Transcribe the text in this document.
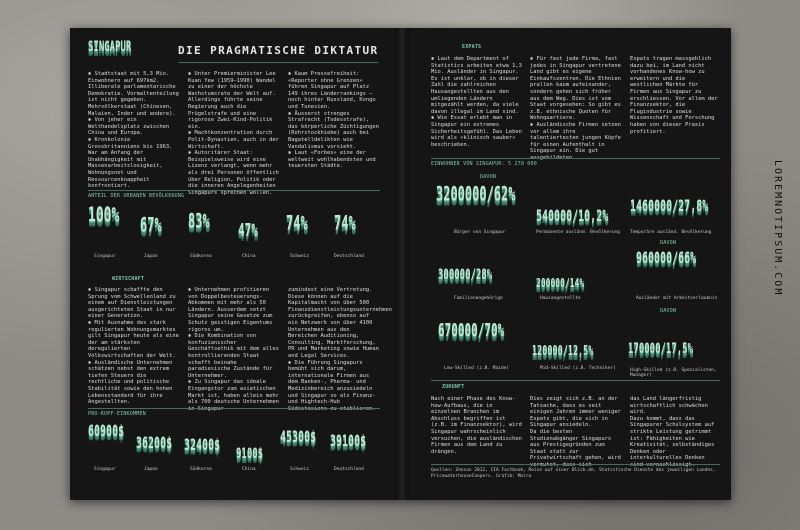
SINGAPUR	DIE PRAGMATISCHE DIKTATUR
✱ Stadtstaat mit 5,3 Mio. Einwohnern auf 697km2. Illiberale parlamentarische Demokratie. Vormaltenteilung ist nicht gegeben. Mehrvölkerstaat (Chinesen, Malaien, Inder und andere).
✱ Von jeher ein Welthandelsplatz zwischen China und Europa.
✱ Kronkolonie Grossbritanniens bis 1963. War am Anfang der Unabhängigkeit mit Massenarbeitslosigkeit, Wohnungsnot und Ressourcenknappheit konfrontiert.
✱ Unter Premierminister Lee Kuan Yew (1959–1990) Wandel zu einer der höchste Wachstumsrate der Welt auf. Allerdings führte seine Regierung auch die Prügelstrafe und eine rigorose Zwei-Kind-Politik ein.
✱ Machtkonzentration durch Polit-Dynastien, auch in der Wirtschaft.
✱ Autoritärer Staat: Beispielsweise wird eine Lizenz verlangt, wenn mehr als drei Personen öffentlich über Religion, Politik oder die inneren Angelegenheiten Singapurs sprechen wollen.
✱ Kaum Pressefreiheit: «Reporter ohne Grenzen» führen Singapur auf Platz 149 ihres Länderrankings – noch hinter Russland, Kongo und Tunesien.
✱ Äusserst strenges Strafrecht (Todesstrafe), das körperliche Züchtigungen (Rohrstockhiebe) auch bei Bagatelldelikten wie Vandalismus vorsieht.
✱ Laut «Forbes» eine der weltweit wohlhabendsten und teuersten Städte.
ANTEIL DER URBANEN BEVÖLKERUNG
100% 67% 83%	47% 74% 74%
Singapur	Japan	Südkorea	China	Schweiz	Deutschland
WIRTSCHAFT
✱ Singapur schaffte den Sprung vom Schwellenland zu einem auf Dienstleistungen ausgerichteten Staat in nur einer Generation.
✱ Mit Ausnahme des stark regulierten Wohnungsmarktes gilt Singapur heute als eine der am stärksten deregulierten Volkswirtschaften der Welt.
✱ Ausländische Unternehmen schätzen nebst den extrem tiefen Steuern die rechtliche und politische Stabilität sowie den hohen Lebensstandard für ihre Angestellten.
✱ Unternehmen profitieren von Doppelbesteuerungs-Abkommen mit mehr als 50 Ländern. Ausserdem setzt Singapur seine Gesetze zum Schutz geistigen Eigentums rigoros um.
✱ Die Kombination von konfuzianischer Geschäftsethik mit dem alles kontrollierenden Staat schafft beinahe paradiesische Zustände für Unternehmer.
✱ Zu Singapur das ideale Eingangstor zum asiatischen Markt ist, haben allein mehr als 700 deutsche Unternehmen in Singapur
zumindest eine Vertretung. Diese können auf die Kapitalmacht von über 500 Finanzdienstleistungsunternehmen zurückgreifen, ebenso auf ein Netzwerk von über 4100 Unternehmen aus den Bereichen Auditioning, Consulting, Marktforschung, PR und Marketing sowie Human and Legal Services.
✱ Die Führung Singapurs bemüht sich darum, internationale Firmen aus dem Banken-, Pharma- und Medizinbereich anzusiedeln und Singapur so als Finanz- und Hightech-Hub Südostasiens zu etablieren.
PRO-KOPF-EINKOMMEN
60900$
36200$ 32400$
9100$
45300$ 39100$
Singapur	Japan	Südkorea	China	Schweiz	Deutschland
EXPATS
✱ Laut dem Department of Statistics arbeiten etwa 1,3 Mio. Ausländer in Singapur. Es ist unklar, ob in dieser Zahl die zahlreichen Hausangestellten aus den umliegenden Ländern mitgezählt werden, da viele davon illegal im Land sind.
✱ Wie Essat erlebt man in Singapur ein extremes Sicherheitsgefühl. Das Leben wird als «klinisch sauber» beschrieben.
✱ Für fast jede Firma, fast jedes in Singapur vertretene Land gibt es eigene Einkaufszentren. Die Ethnien prallen kaum aufeinander, sondern gehen sich früher aus dem Weg. Dies ist vom Staat vorgesehen: So gibt es z.B. ethnische Quoten für Wohnquartiere.
✱ Ausländische Firmen setzen vor allem ihre talentiertesten jungen Köpfe für einen Aufenthalt in Singapur ein. Die gut ausgebildeten
Expats tragen massgeblich dazu bei, im Land nicht vorhandenes Know-how zu erweitern und die westlichen Märkte für Firmen aus Singapur zu erschliessen. Vor allem der Finanzsektor, die Flugindustrie sowie Wissenschaft und Forschung haben von dieser Praxis profitiert.
EINWOHNER VON SINGAPUR: 5 270 000
DAVON
3200000/62%
Bürger von Singapur
540000/10,2%
Permanente ausländ. Bevölkerung
1460000/27,8%
Temporäre ausländ. Bevölkerung
DAVON
960000/66%
Ausländer mit Arbeitserlaubnis
300000/28%
Familienangehörige
200000/14%
Hausangestellte
DAVON
670000/70%
Low-Skilled (z.B. Maide)
120000/12,5%
Mid-Skilled (z.B. Techniker)
170000/17,5%
High-Skilled (z.B. Spezialisten, Manager)
ZUKUNFT
Nach einer Phase des Know-how-Aufbaus, die in einzelnen Branchen im Abschluss begriffen ist (z.B. im Finanzsektor), wird Singapur wahrscheinlich versuchen, die ausländischen Firmen aus dem Land zu drängen.
Dies zeigt sich z.B. an der Tatsache, dass es seit einigen Jahren immer weniger Expats gibt, die sich in Singapur ansiedeln.
Da die besten Studienabgänger Singapurs aus Prestigegründen zum Staat statt zur Privatwirtschaft gehen, wird vermutet, dass sich
das Land längerfristig wirtschaftlich schwächen wird.
Dazu kommt, dass das Singapurer Schulsystem auf strikte Leistung getrimmt ist: Fähigkeiten wie Kreativität, selbständiges Denken oder interkulturelles Denken sind vernachlässigt.
Quellen: Zensus 2012, CIA Factbook, Reise auf einer Blick.de, Statistische Dienste des jeweiligen Landes, PricewaterhouseCoopers. Grafik: Moira
LOREMNOTIPSUM.COM
